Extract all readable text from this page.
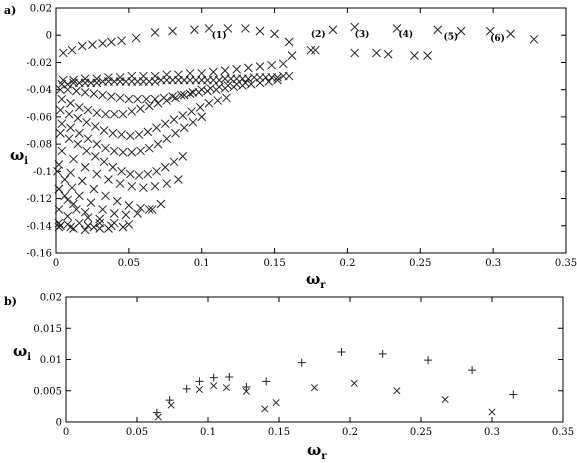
a)
0	0.05	0.1	0.15	0.2	0.25	0.3	0.35
0.02
0
-0.02
-0.04
-0.06
-0.08
-0.1
-0.12
-0.14
-0.16
(1)	(2)	(3)	(4)	(5)	(6)
$\omega_i$
$\omega_r$
b)
0	0.05	0.1	0.15	0.2	0.25	0.3	0.35
0.02
0.015
0.01
0.005
0
$\omega_i$
$\omega_r$
